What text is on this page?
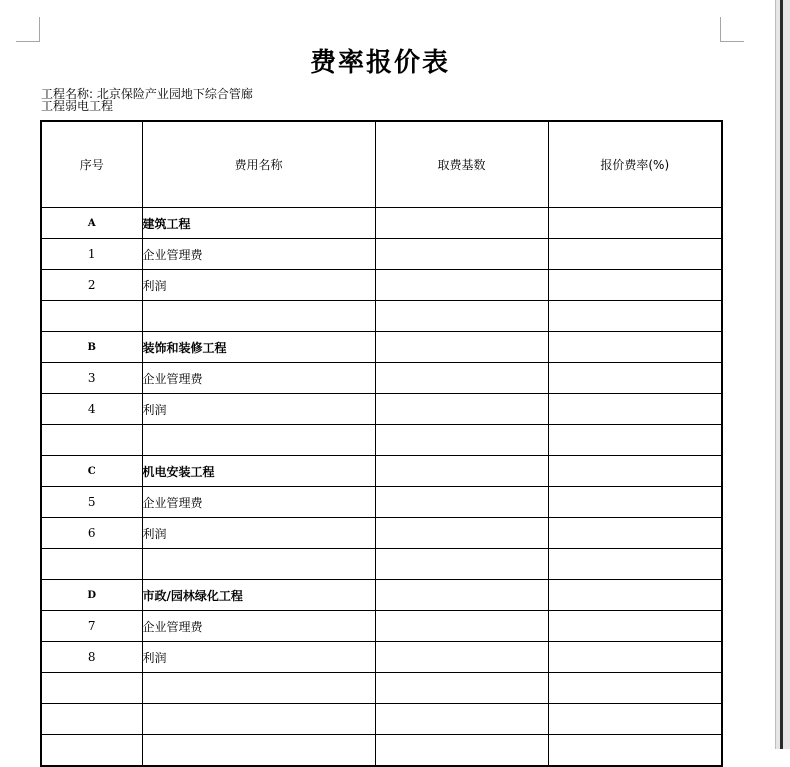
费率报价表
工程名称: 北京保险产业园地下综合管廊
工程弱电工程
序号	费用名称	取费基数	报价费率(%)
A	建筑工程		
1	企业管理费		
2	利润		

B	装饰和装修工程		
3	企业管理费		
4	利润		

C	机电安装工程		
5	企业管理费		
6	利润		

D	市政/园林绿化工程		
7	企业管理费		
8	利润		
